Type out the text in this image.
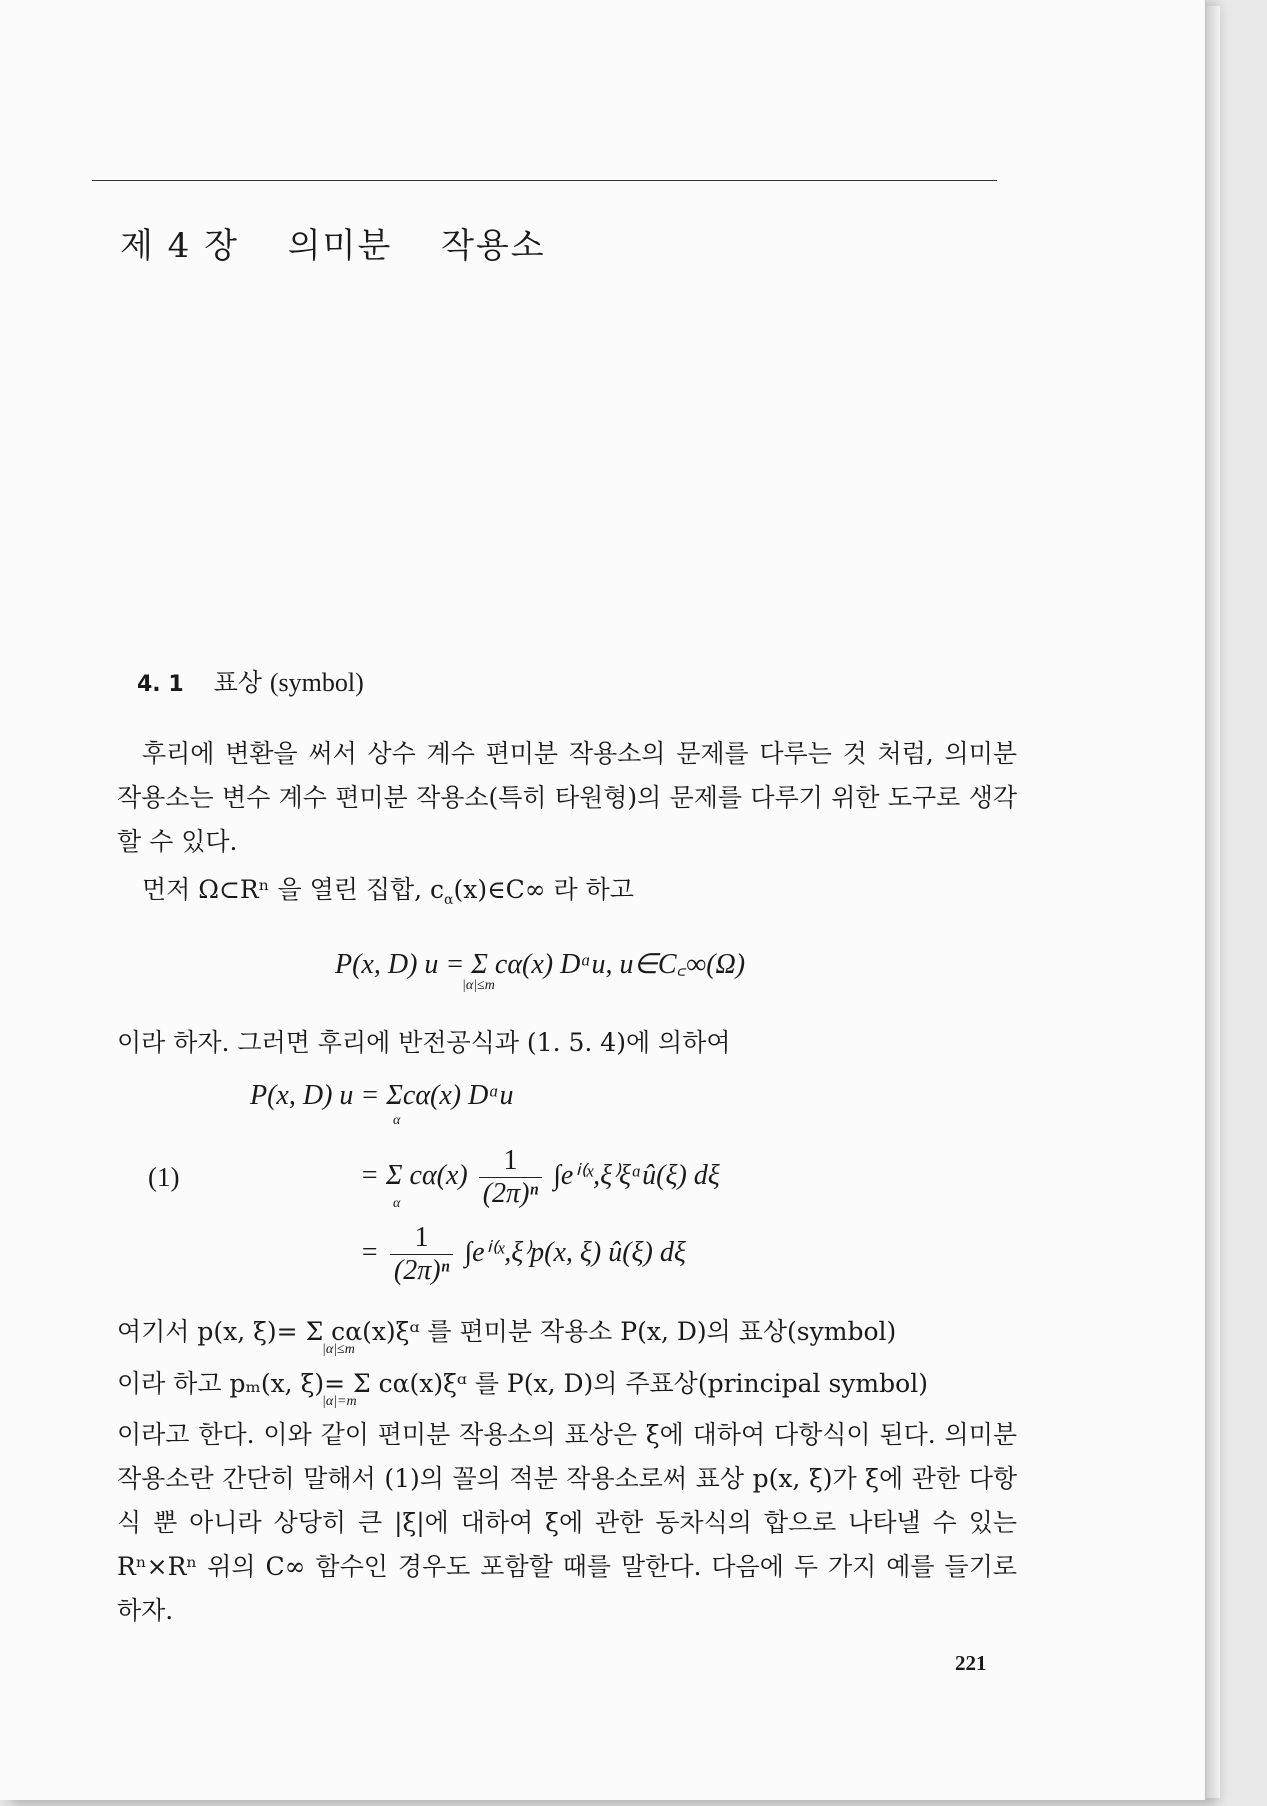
제 4 장 의미분 작용소
4. 1 표상 (symbol)

후리에 변환을 써서 상수 계수 편미분 작용소의 문제를 다루는 것 처럼, 의미분 작용소는 변수 계수 편미분 작용소(특히 타원형)의 문제를 다루기 위한 도구로 생각할 수 있다.

먼저 Ω⊂Rⁿ 을 열린 집합, $c_\alpha(x)\in C\infty$ 라 하고
P(x, D) u = Σ cα(x) Dᵅu, u∈C꜀∞(Ω)
|α|≤m
이라 하자. 그러면 후리에 반전공식과 (1. 5. 4)에 의하여
P(x, D) u = Σcα(x) Dᵅu
α
(1)	= Σ $c\alpha(x) \frac{1}{\text{(2π)ⁿ}}$ ∫eⁱ⁽ˣ,ξ⁾ξᵅû(ξ) dξ
α
= $\frac{1}{\text{(2π)ⁿ}}$ ∫eⁱ⁽ˣ,ξ⁾p(x, ξ) û(ξ) dξ
여기서 p(x, ξ)= Σ cα(x)ξᵅ 를 편미분 작용소 P(x, D)의 표상(symbol)
|α|≤m
이라 하고 pₘ(x, ξ)= Σ cα(x)ξᵅ 를 P(x, D)의 주표상(principal symbol)
|α|=m

이라고 한다. 이와 같이 편미분 작용소의 표상은 ξ에 대하여 다항식이 된다. 의미분 작용소란 간단히 말해서 (1)의 꼴의 적분 작용소로써 표상 p(x, ξ)가 ξ에 관한 다항식 뿐 아니라 상당히 큰 |ξ|에 대하여 ξ에 관한 동차식의 합으로 나타낼 수 있는 Rⁿ×Rⁿ 위의 C∞ 함수인 경우도 포함할 때를 말한다. 다음에 두 가지 예를 들기로 하자.

221
